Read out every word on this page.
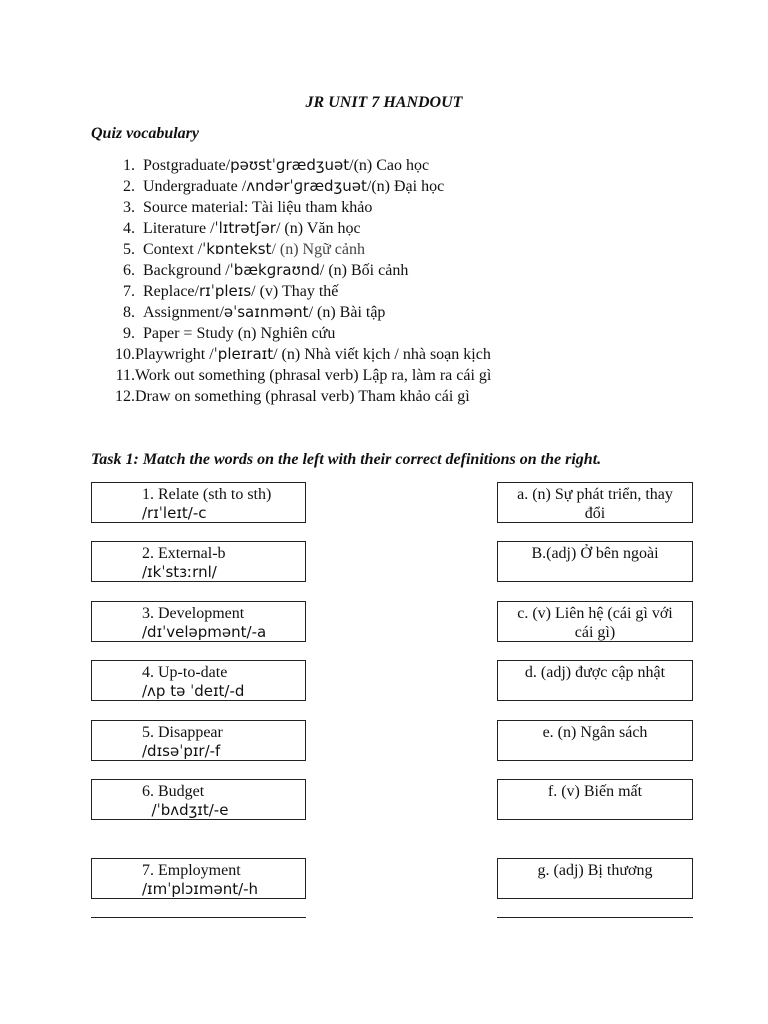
JR UNIT 7 HANDOUT
Quiz vocabulary
1.
Postgraduate/pəʊstˈɡrædʒuət/(n) Cao học
2.
Undergraduate /ʌndərˈɡrædʒuət/(n) Đại học
3.
Source material: Tài liệu tham khảo
4.
Literature /ˈlɪtrətʃər/ (n) Văn học
5.
Context /ˈkɒntekst/ (n) Ngữ cảnh
6.
Background /ˈbækɡraʊnd/ (n) Bối cảnh
7.
Replace/rɪˈpleɪs/ (v) Thay thế
8.
Assignment/əˈsaɪnmənt/ (n) Bài tập
9.
Paper = Study (n) Nghiên cứu
10. Playwright /ˈpleɪraɪt/ (n) Nhà viết kịch / nhà soạn kịch
11. Work out something (phrasal verb) Lập ra, làm ra cái gì
12. Draw on something (phrasal verb) Tham khảo cái gì
Task 1: Match the words on the left with their correct definitions on the right.
1. Relate (sth to sth)
/rɪˈleɪt/-c
2. External-b
/ɪkˈstɜːrnl/
3. Development
/dɪˈveləpmənt/-a
4. Up-to-date
/ʌp tə ˈdeɪt/-d
5. Disappear
/dɪsəˈpɪr/-f
6. Budget
/ˈbʌdʒɪt/-e
7. Employment
/ɪmˈplɔɪmənt/-h
a. (n) Sự phát triển, thay đổi
B.(adj) Ở bên ngoài
c. (v) Liên hệ (cái gì với cái gì)
d. (adj) được cập nhật
e. (n) Ngân sách
f. (v) Biến mất
g. (adj) Bị thương
